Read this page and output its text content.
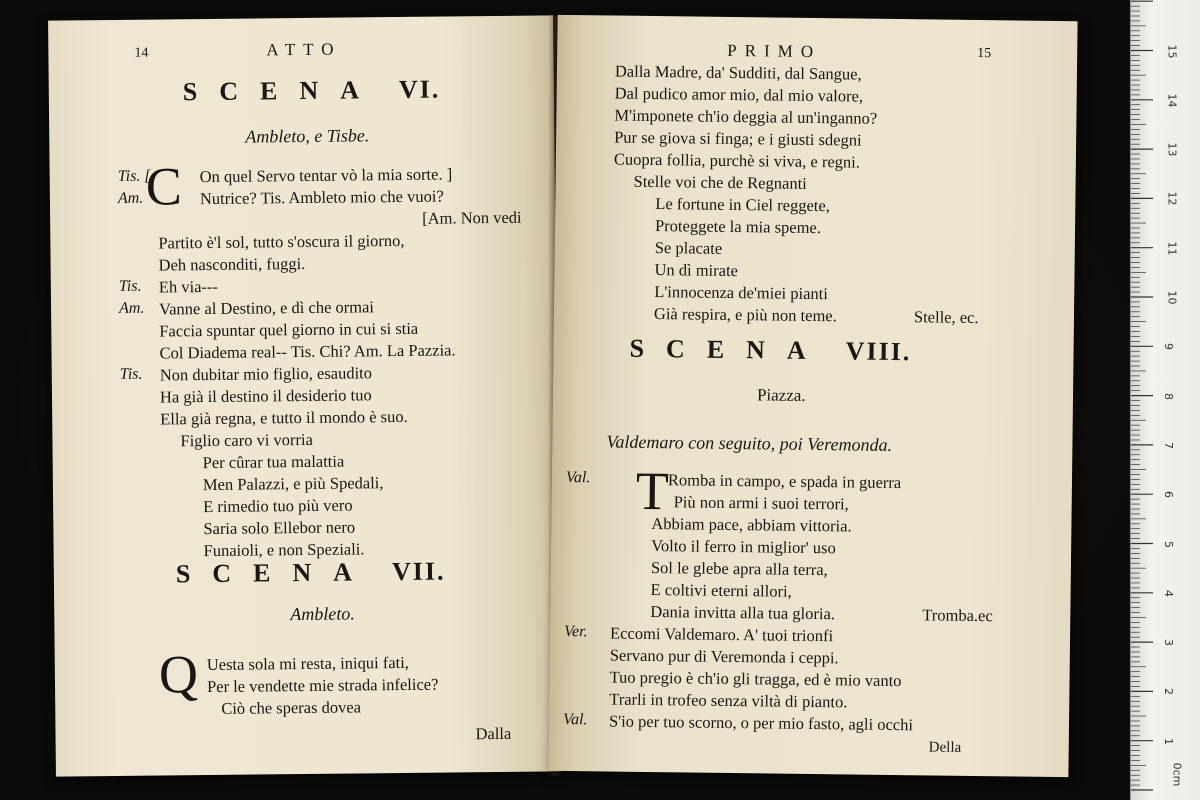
14	ATTO
SCENA VI.
Ambleto, e Tisbe.
Tis. [
Am. C On quel Servo tentar vò la mia sorte. ]
Nutrice? Tis. Ambleto mio che vuoi?
[Am. Non vedi
Partito è'l sol, tutto s'oscura il giorno,
Deh nasconditi, fuggi.
Tis. Eh via---
Am. Vanne al Destino, e dì che ormai
Faccia spuntar quel giorno in cui si stia
Col Diadema real-- Tis. Chi? Am. La Pazzia.
Tis. Non dubitar mio figlio, esaudito
Ha già il destino il desiderio tuo
Ella già regna, e tutto il mondo è suo.
Figlio caro vi vorria
Per cûrar tua malattia
Men Palazzi, e più Spedali,
E rimedio tuo più vero
Saria solo Ellebor nero
Funaioli, e non Speziali.
SCENA VII.
Ambleto.
Q Uesta sola mi resta, iniqui fati,
Per le vendette mie strada infelice?
Ciò che speras dovea
Dalla
PRIMO	15
Dalla Madre, da' Sudditi, dal Sangue,
Dal pudico amor mio, dal mio valore,
M'imponete ch'io deggia al un'inganno?
Pur se giova si finga; e i giusti sdegni
Cuopra follia, purchè si viva, e regni.
Stelle voi che de Regnanti
Le fortune in Ciel reggete,
Proteggete la mia speme.
Se placate
Un dì mirate
L'innocenza de'miei pianti
Già respira, e più non teme.	Stelle, ec.
SCENA VIII.
Piazza.
Valdemaro con seguito, poi Veremonda.
Val. T
Romba in campo, e spada in guerra
Più non armi i suoi terrori,
Abbiam pace, abbiam vittoria.
Volto il ferro in miglior' uso
Sol le glebe apra alla terra,
E coltivi eterni allori,
Dania invitta alla tua gloria.	Tromba.ec
Ver. Eccomi Valdemaro. A' tuoi trionfi
Servano pur di Veremonda i ceppi.
Tuo pregio è ch'io gli tragga, ed è mio vanto
Trarli in trofeo senza viltà di pianto.
Val. S'io per tuo scorno, o per mio fasto, agli occhi
Della
0cm
1
2
3
4
5
6
7
8
9
10
11
12
13
14
15
